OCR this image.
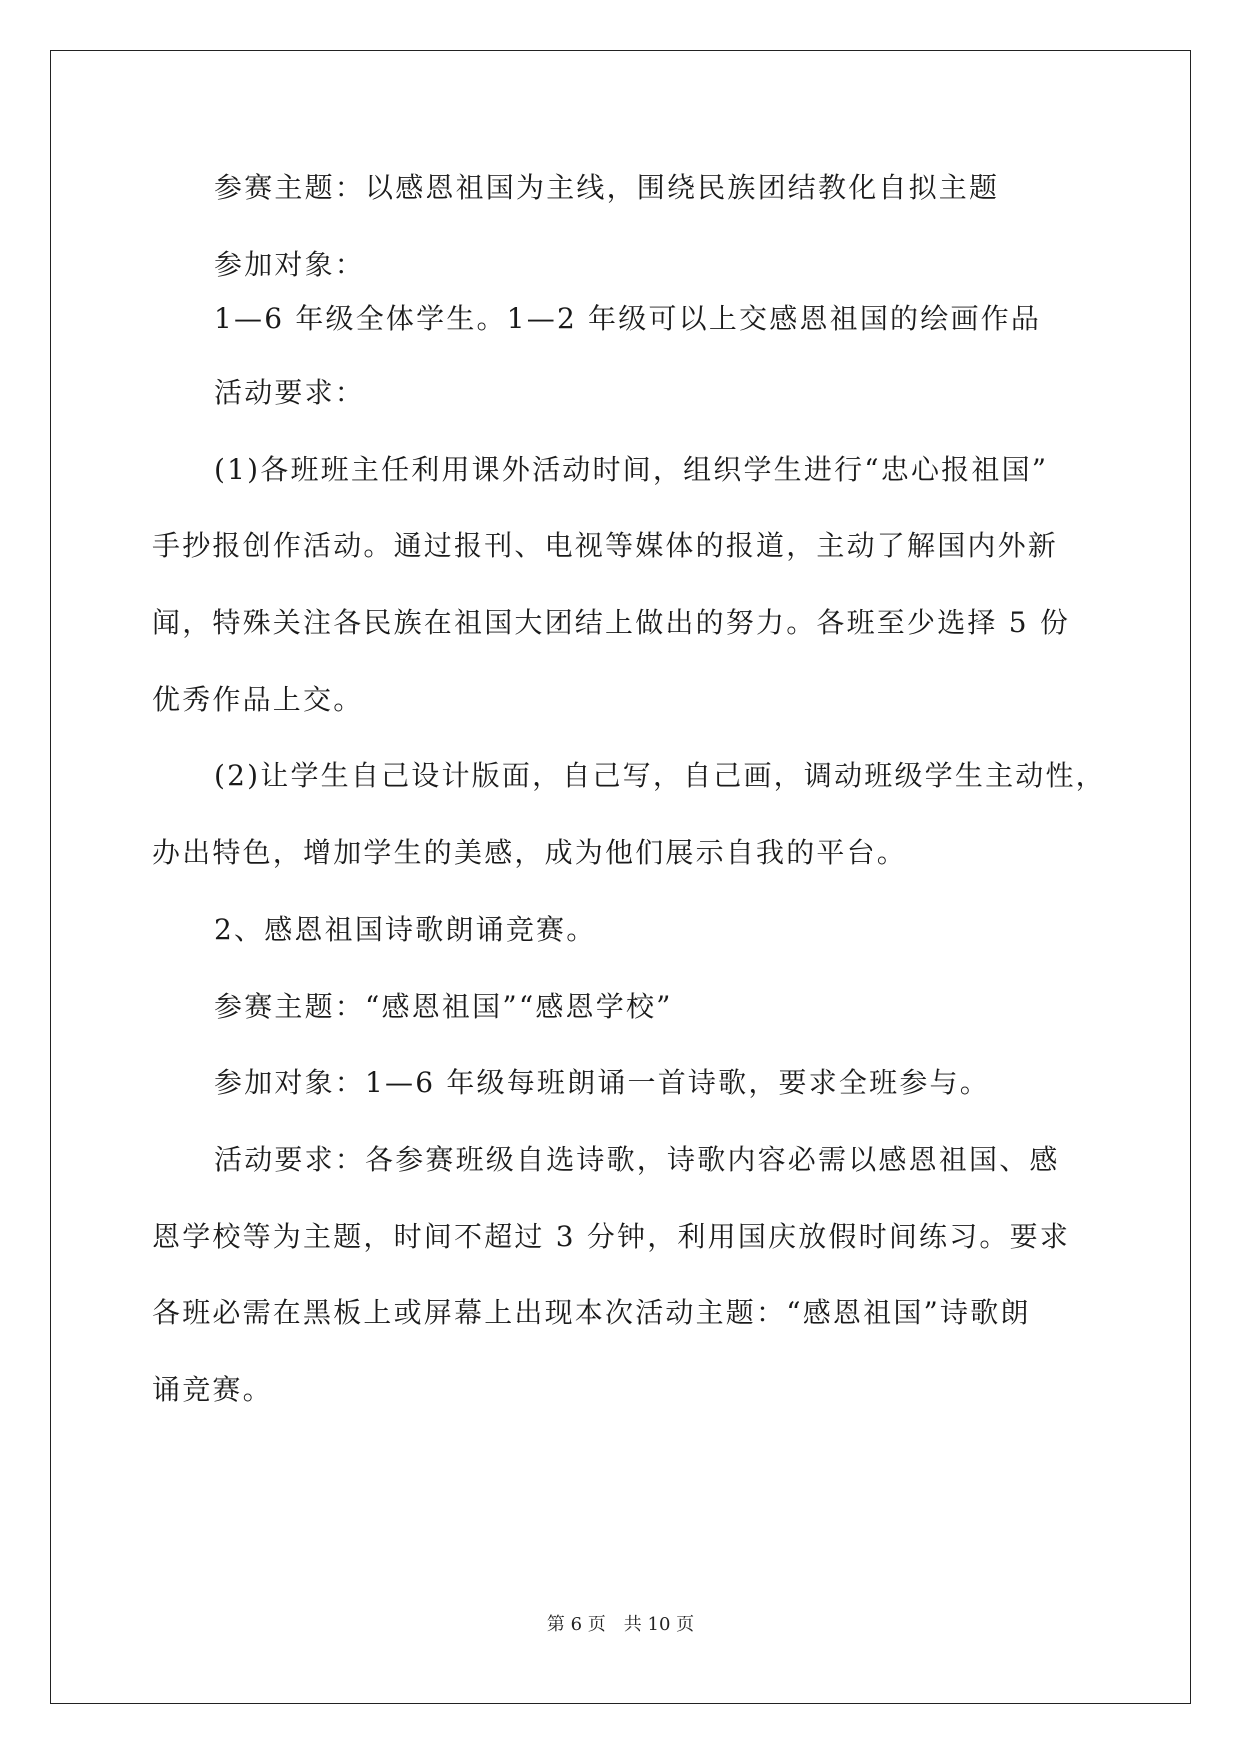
参赛主题：以感恩祖国为主线，围绕民族团结教化自拟主题
参加对象：
1—6 年级全体学生。1—2 年级可以上交感恩祖国的绘画作品
活动要求：
(1)各班班主任利用课外活动时间，组织学生进行“忠心报祖国”
手抄报创作活动。通过报刊、电视等媒体的报道，主动了解国内外新
闻，特殊关注各民族在祖国大团结上做出的努力。各班至少选择 5 份
优秀作品上交。
(2)让学生自己设计版面，自己写，自己画，调动班级学生主动性，
办出特色，增加学生的美感，成为他们展示自我的平台。
2、感恩祖国诗歌朗诵竞赛。
参赛主题：“感恩祖国”“感恩学校”
参加对象：1—6 年级每班朗诵一首诗歌，要求全班参与。
活动要求：各参赛班级自选诗歌，诗歌内容必需以感恩祖国、感
恩学校等为主题，时间不超过 3 分钟，利用国庆放假时间练习。要求
各班必需在黑板上或屏幕上出现本次活动主题：“感恩祖国”诗歌朗
诵竞赛。
第 6 页　共 10 页
